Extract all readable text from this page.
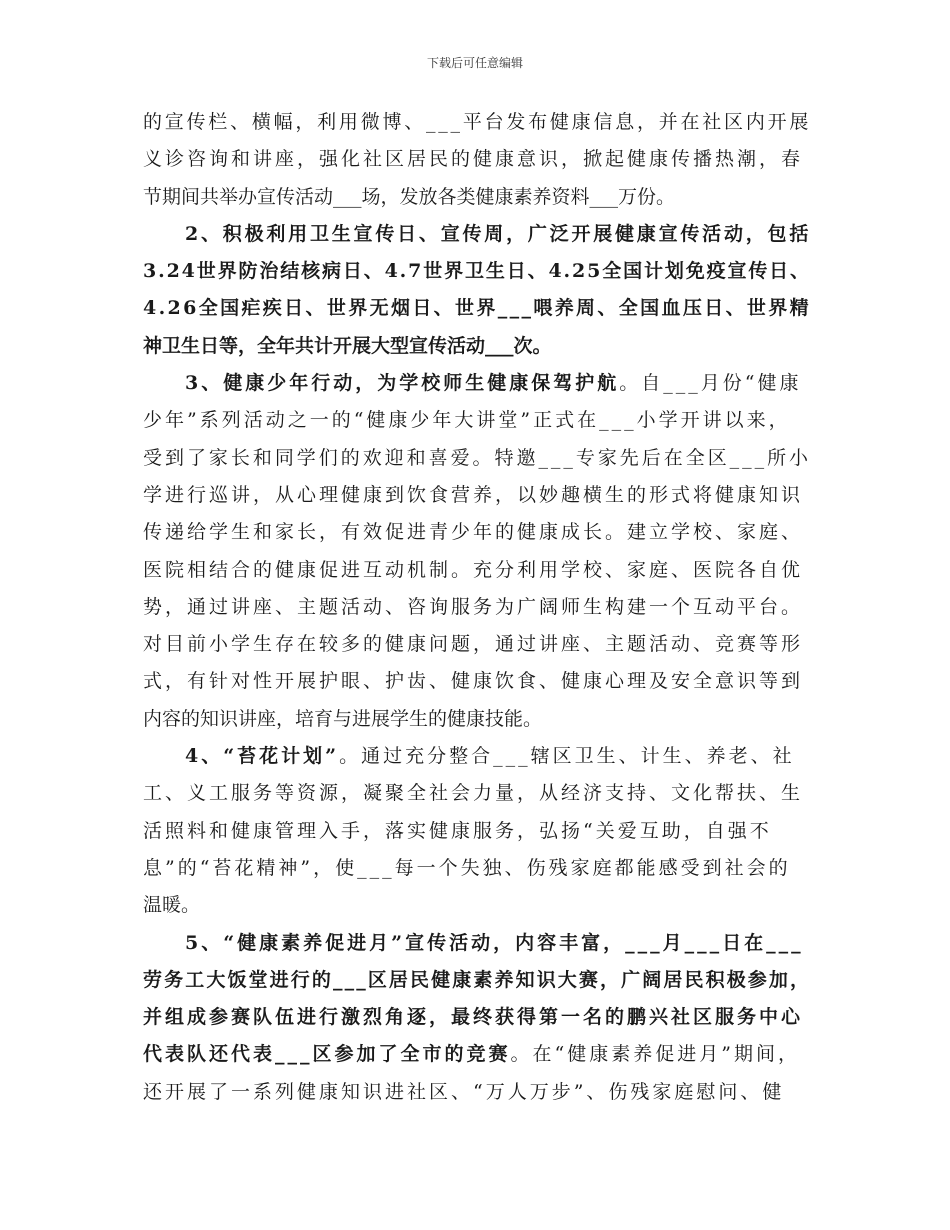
下载后可任意编辑
的宣传栏、横幅，利用微博、___平台发布健康信息，并在社区内开展
义诊咨询和讲座，强化社区居民的健康意识，掀起健康传播热潮，春
节期间共举办宣传活动___场，发放各类健康素养资料___万份。
2、积极利用卫生宣传日、宣传周，广泛开展健康宣传活动，包括
3.24世界防治结核病日、4.7世界卫生日、4.25全国计划免疫宣传日、
4.26全国疟疾日、世界无烟日、世界___喂养周、全国血压日、世界精
神卫生日等，全年共计开展大型宣传活动___次。
3、健康少年行动，为学校师生健康保驾护航。自___月份“健康
少年”系列活动之一的“健康少年大讲堂”正式在___小学开讲以来，
受到了家长和同学们的欢迎和喜爱。特邀___专家先后在全区___所小
学进行巡讲，从心理健康到饮食营养，以妙趣横生的形式将健康知识
传递给学生和家长，有效促进青少年的健康成长。建立学校、家庭、
医院相结合的健康促进互动机制。充分利用学校、家庭、医院各自优
势，通过讲座、主题活动、咨询服务为广阔师生构建一个互动平台。
对目前小学生存在较多的健康问题，通过讲座、主题活动、竞赛等形
式，有针对性开展护眼、护齿、健康饮食、健康心理及安全意识等到
内容的知识讲座，培育与进展学生的健康技能。
4、“苔花计划”。通过充分整合___辖区卫生、计生、养老、社
工、义工服务等资源，凝聚全社会力量，从经济支持、文化帮扶、生
活照料和健康管理入手，落实健康服务，弘扬“关爱互助，自强不
息”的“苔花精神”，使___每一个失独、伤残家庭都能感受到社会的
温暖。
5、“健康素养促进月”宣传活动，内容丰富，___月___日在___
劳务工大饭堂进行的___区居民健康素养知识大赛，广阔居民积极参加，
并组成参赛队伍进行激烈角逐，最终获得第一名的鹏兴社区服务中心
代表队还代表___区参加了全市的竞赛。在“健康素养促进月”期间，
还开展了一系列健康知识进社区、“万人万步”、伤残家庭慰问、健
